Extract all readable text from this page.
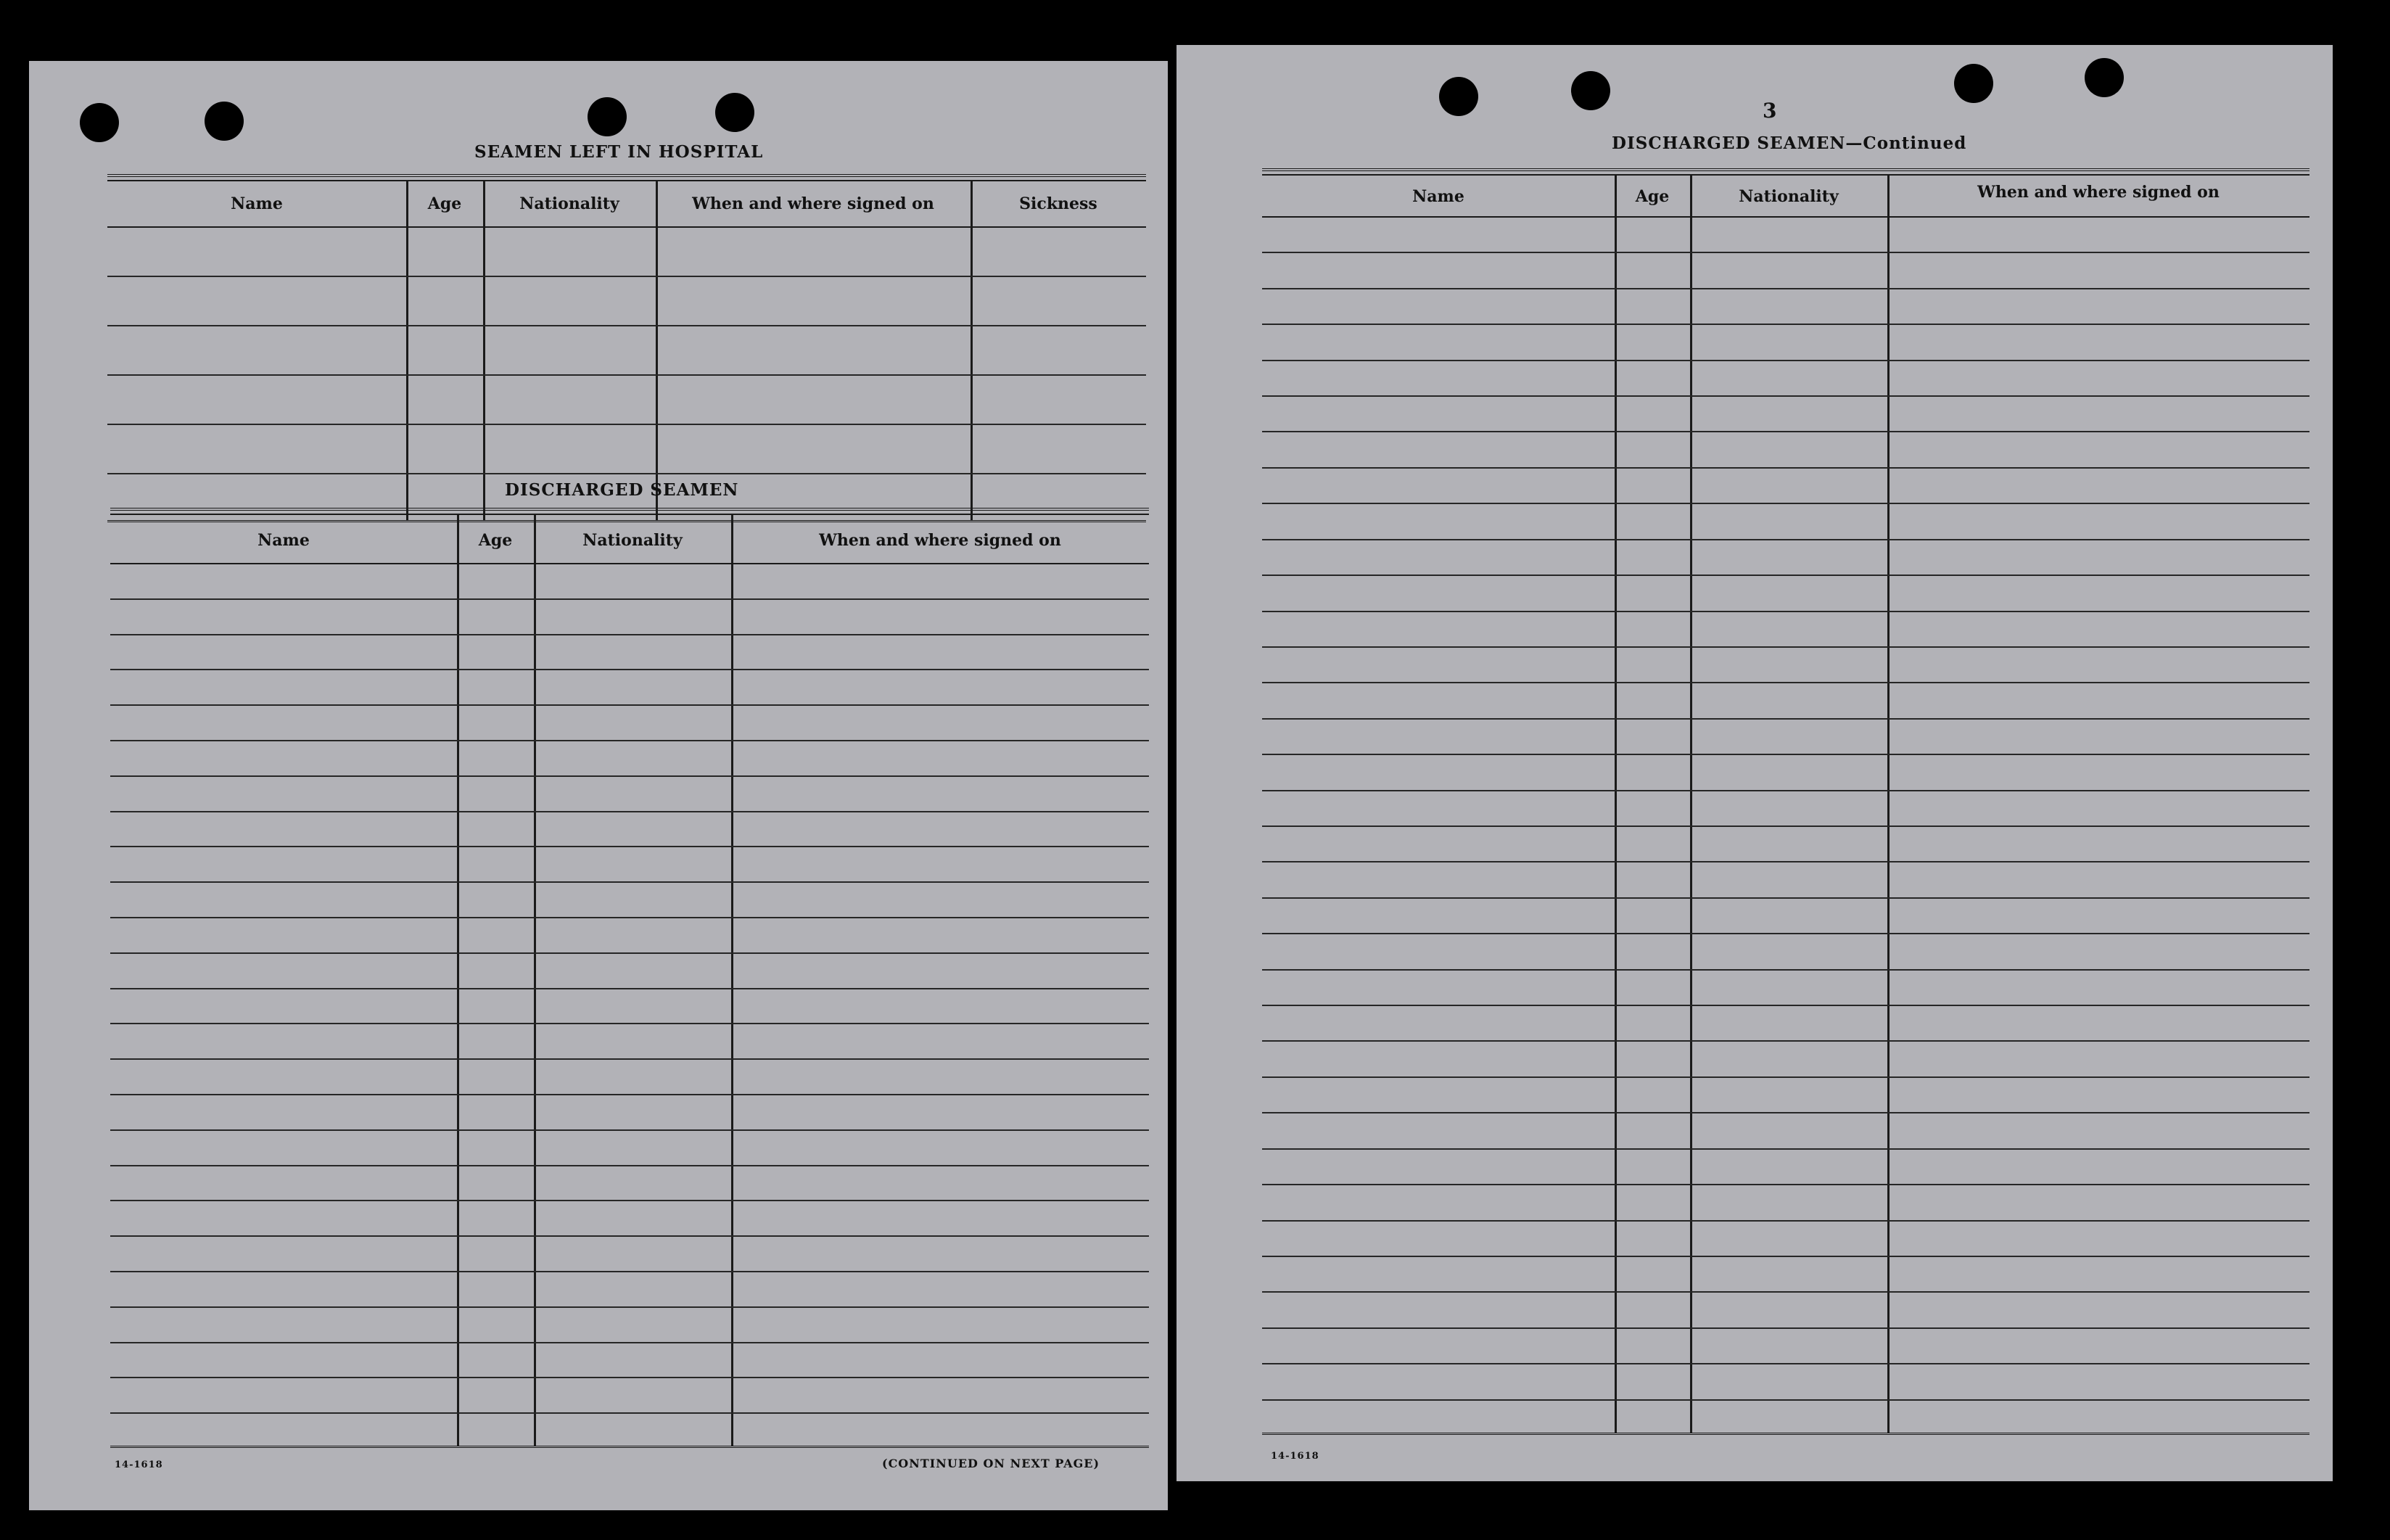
SEAMEN LEFT IN HOSPITAL
Name	Age	Nationality	When and where signed on	Sickness
DISCHARGED SEAMEN
Name	Age	Nationality	When and where signed on
14-1618	(CONTINUED ON NEXT PAGE)
3
DISCHARGED SEAMEN—Continued
Name	Age	Nationality	When and where signed on
14-1618
